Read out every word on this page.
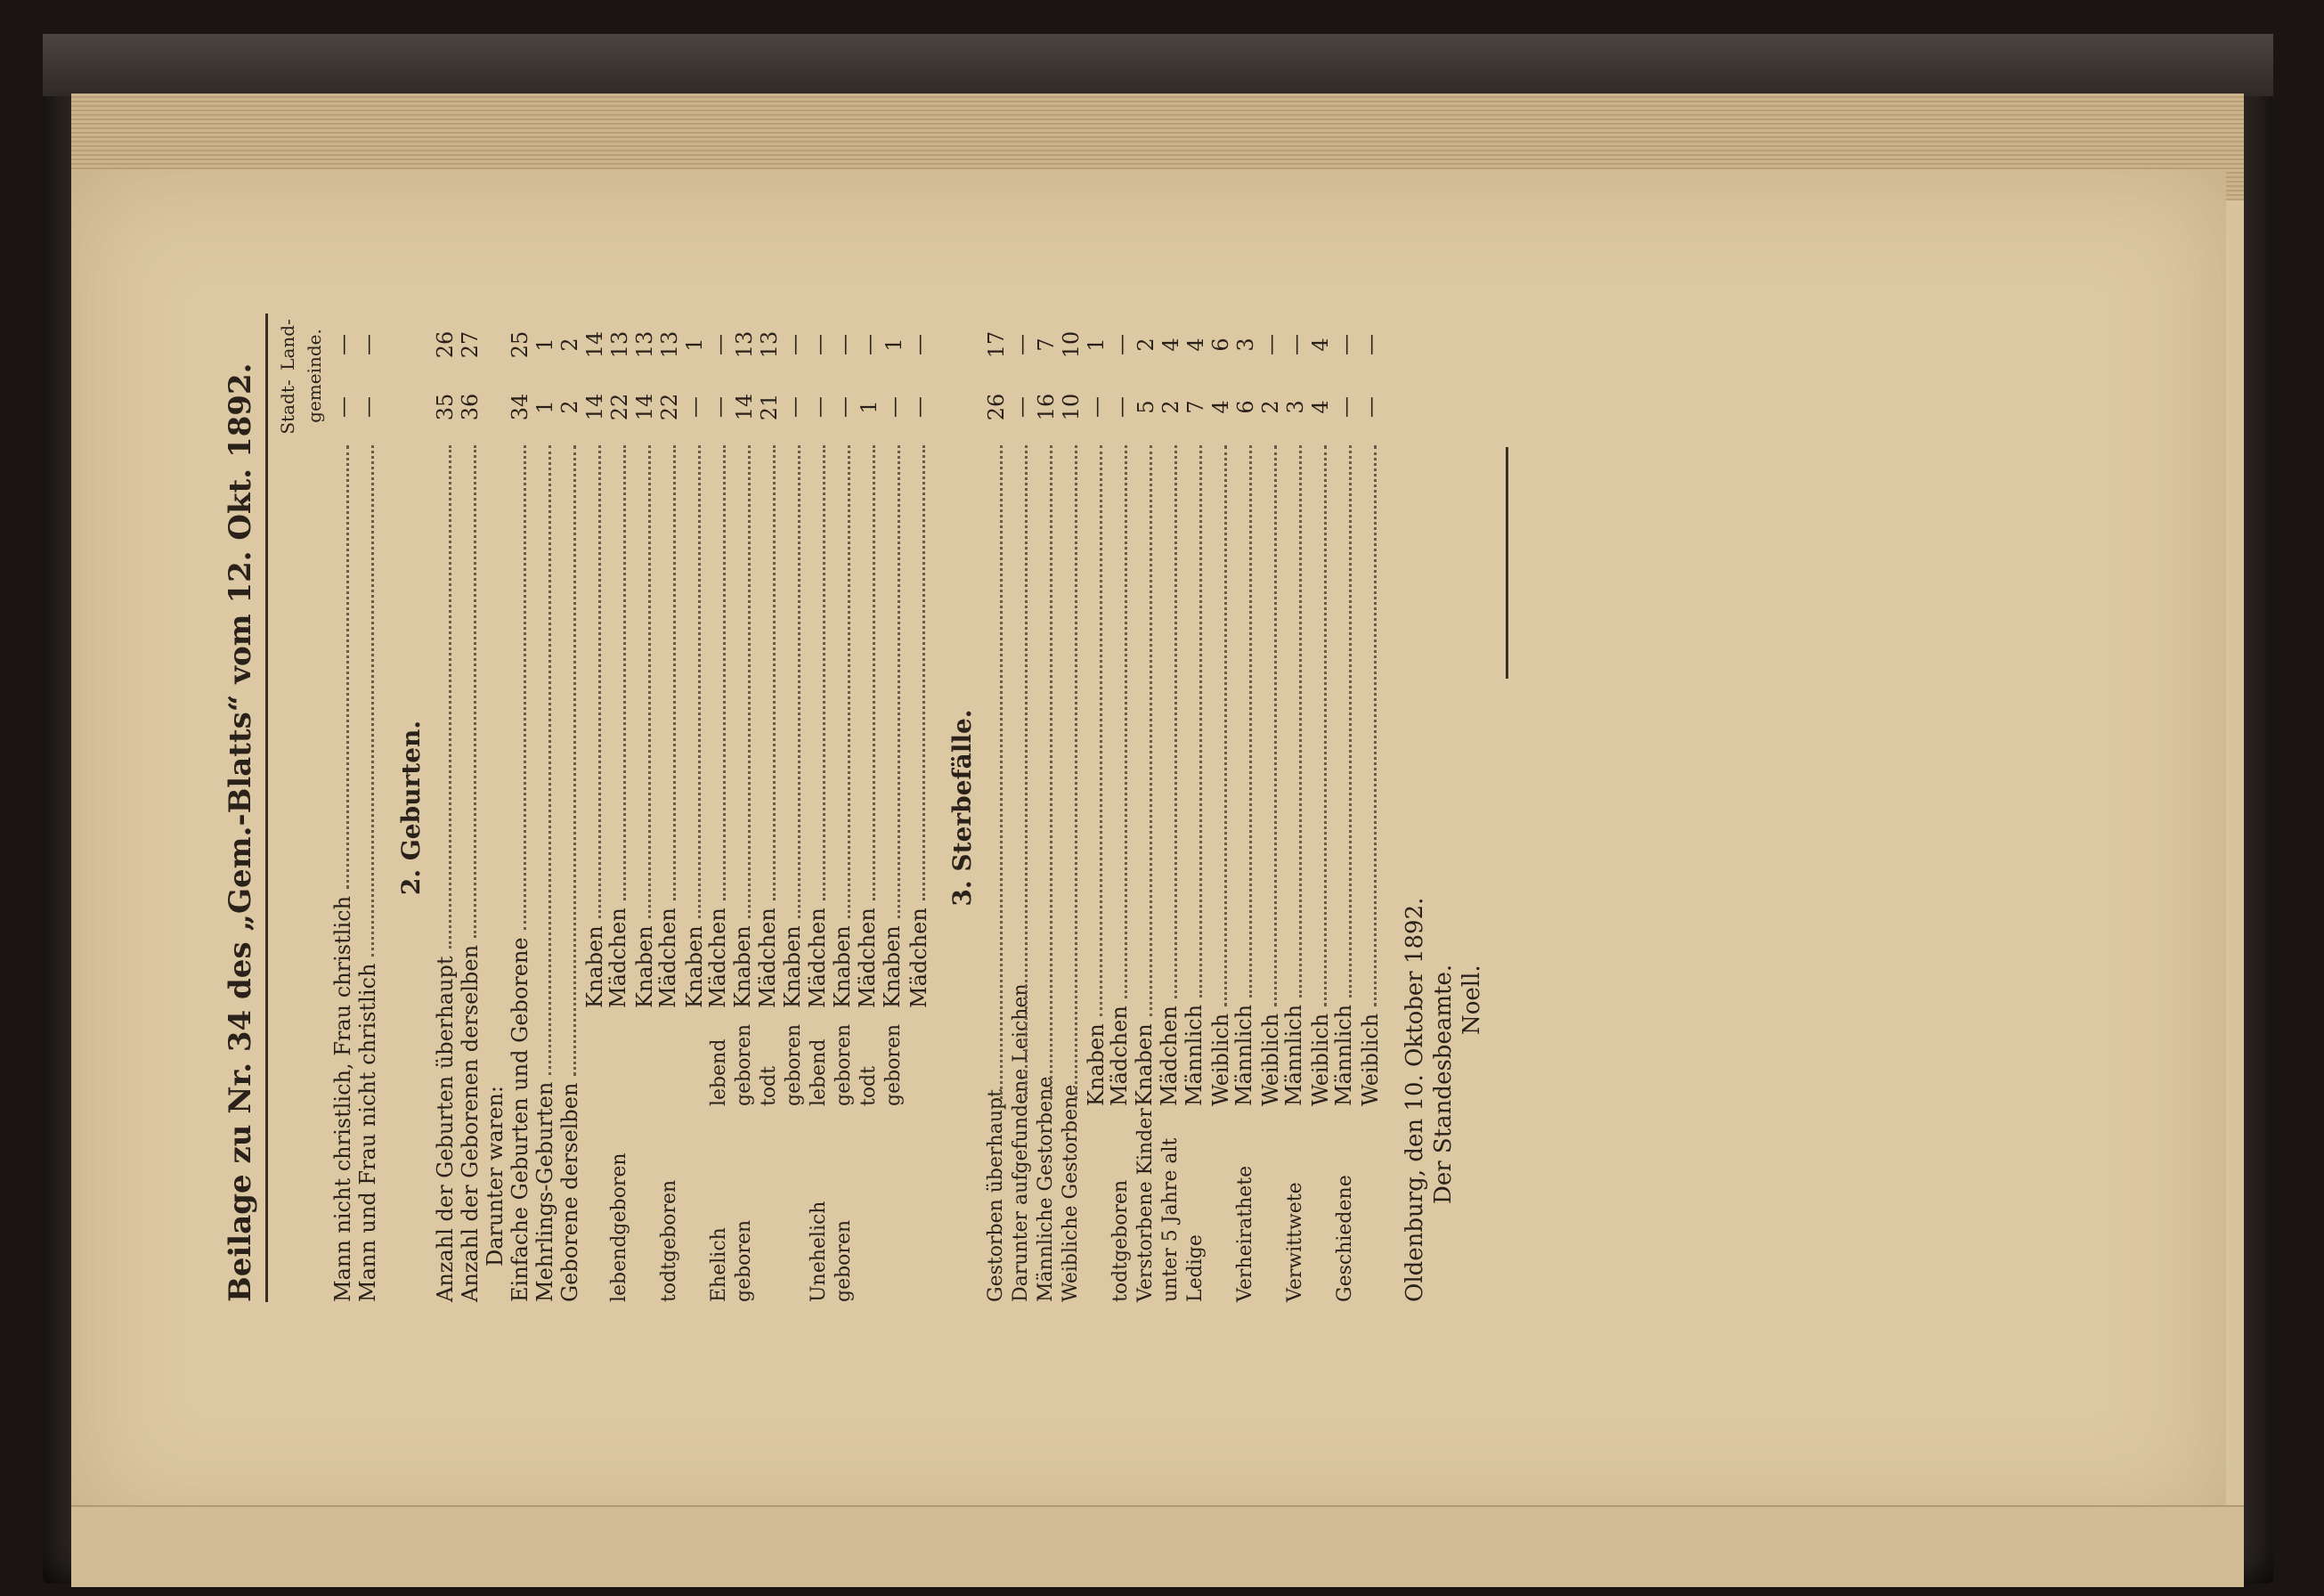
Beilage zu Nr. 34 des „Gem.-Blatts“ vom 12. Okt. 1892.	Stadt-
Land- gemeinde.
Mann nicht christlich, Frau christlich
—
—
Mann und Frau nicht christlich
—
—
2. Geburten.
Anzahl der Geburten überhaupt
35
26
Anzahl der Geborenen derselben
36
27
Darunter waren: Einfache Geburten und Geborene
34
25
Mehrlings-Geburten
1
1
Geborene derselben
2
2
Knaben
14
14
lebendgeborenMädchen
22
13
Knaben
14
13
todtgeborenMädchen
22
13
Knaben
—
1
EhelichlebendMädchen
—
—
geborengeborenKnaben
14
13
todtMädchen
21
13
geborenKnaben
—
—
UnehelichlebendMädchen
—
—
geborengeborenKnaben
—
—
todtMädchen
1
—
geborenKnaben
—
1
Mädchen
—
—
3. Sterbefälle.
Gestorben überhaupt
26
17
Darunter aufgefundene Leichen
—
—
Männliche Gestorbene
16
7
Weibliche Gestorbene
10
10
Knaben
—
1
todtgeborenMädchen
—
—
Verstorbene KinderKnaben
5
2
unter 5 Jahre altMädchen
2
4
LedigeMännlich
7
4
Weiblich
4
6
VerheiratheteMännlich
6
3
Weiblich
2
—
VerwittweteMännlich
3
—
Weiblich
4
4
GeschiedeneMännlich
—
—
Weiblich
—
—
Oldenburg, den 10. Oktober 1892. Der Standesbeamte. Noell.
